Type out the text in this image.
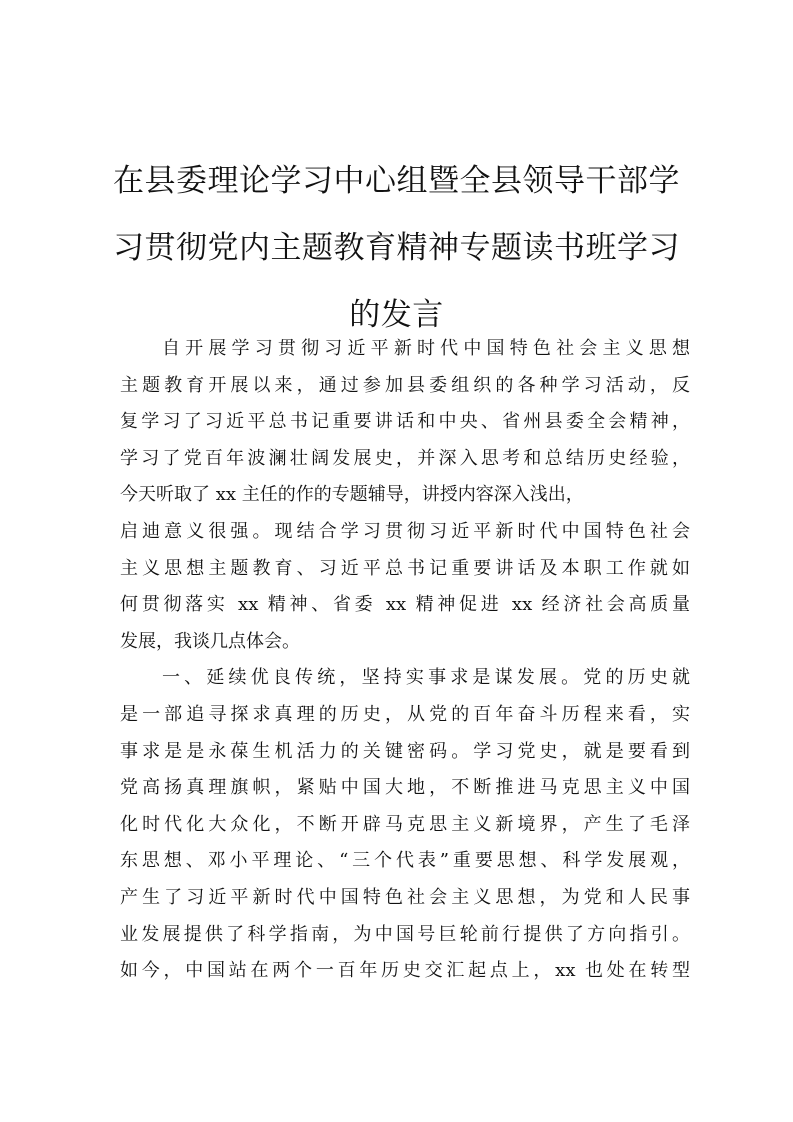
在县委理论学习中心组暨全县领导干部学
习贯彻党内主题教育精神专题读书班学习
的发言
自开展学习贯彻习近平新时代中国特色社会主义思想
主题教育开展以来，通过参加县委组织的各种学习活动，反
复学习了习近平总书记重要讲话和中央、省州县委全会精神，
学习了党百年波澜壮阔发展史，并深入思考和总结历史经验，
今天听取了 xx 主任的作的专题辅导，讲授内容深入浅出，
启迪意义很强。现结合学习贯彻习近平新时代中国特色社会
主义思想主题教育、习近平总书记重要讲话及本职工作就如
何贯彻落实 xx 精神、省委 xx 精神促进 xx 经济社会高质量
发展，我谈几点体会。
一、延续优良传统，坚持实事求是谋发展。党的历史就
是一部追寻探求真理的历史，从党的百年奋斗历程来看，实
事求是是永葆生机活力的关键密码。学习党史，就是要看到
党高扬真理旗帜，紧贴中国大地，不断推进马克思主义中国
化时代化大众化，不断开辟马克思主义新境界，产生了毛泽
东思想、邓小平理论、“三个代表”重要思想、科学发展观，
产生了习近平新时代中国特色社会主义思想，为党和人民事
业发展提供了科学指南，为中国号巨轮前行提供了方向指引。
如今，中国站在两个一百年历史交汇起点上，xx 也处在转型
